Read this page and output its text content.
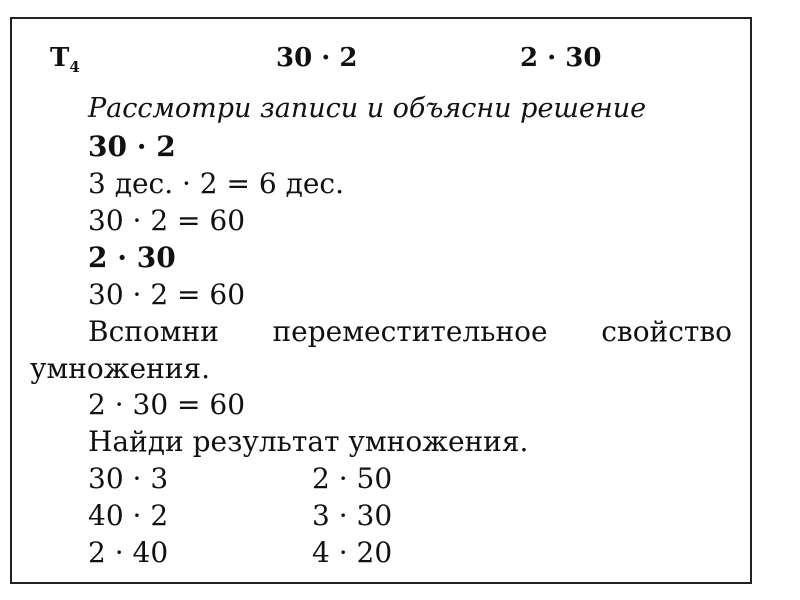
$T_4$	30 · 2	2 · 30
Рассмотри записи и объясни решение
30 · 2
3 дес. · 2 = 6 дес.
30 · 2 = 60
2 · 30
30 · 2 = 60
Вспомни переместительное свойство умножения.
2 · 30 = 60
Найди результат умножения.
30 · 3
40 · 2
2 · 40
2 · 50
3 · 30
4 · 20
